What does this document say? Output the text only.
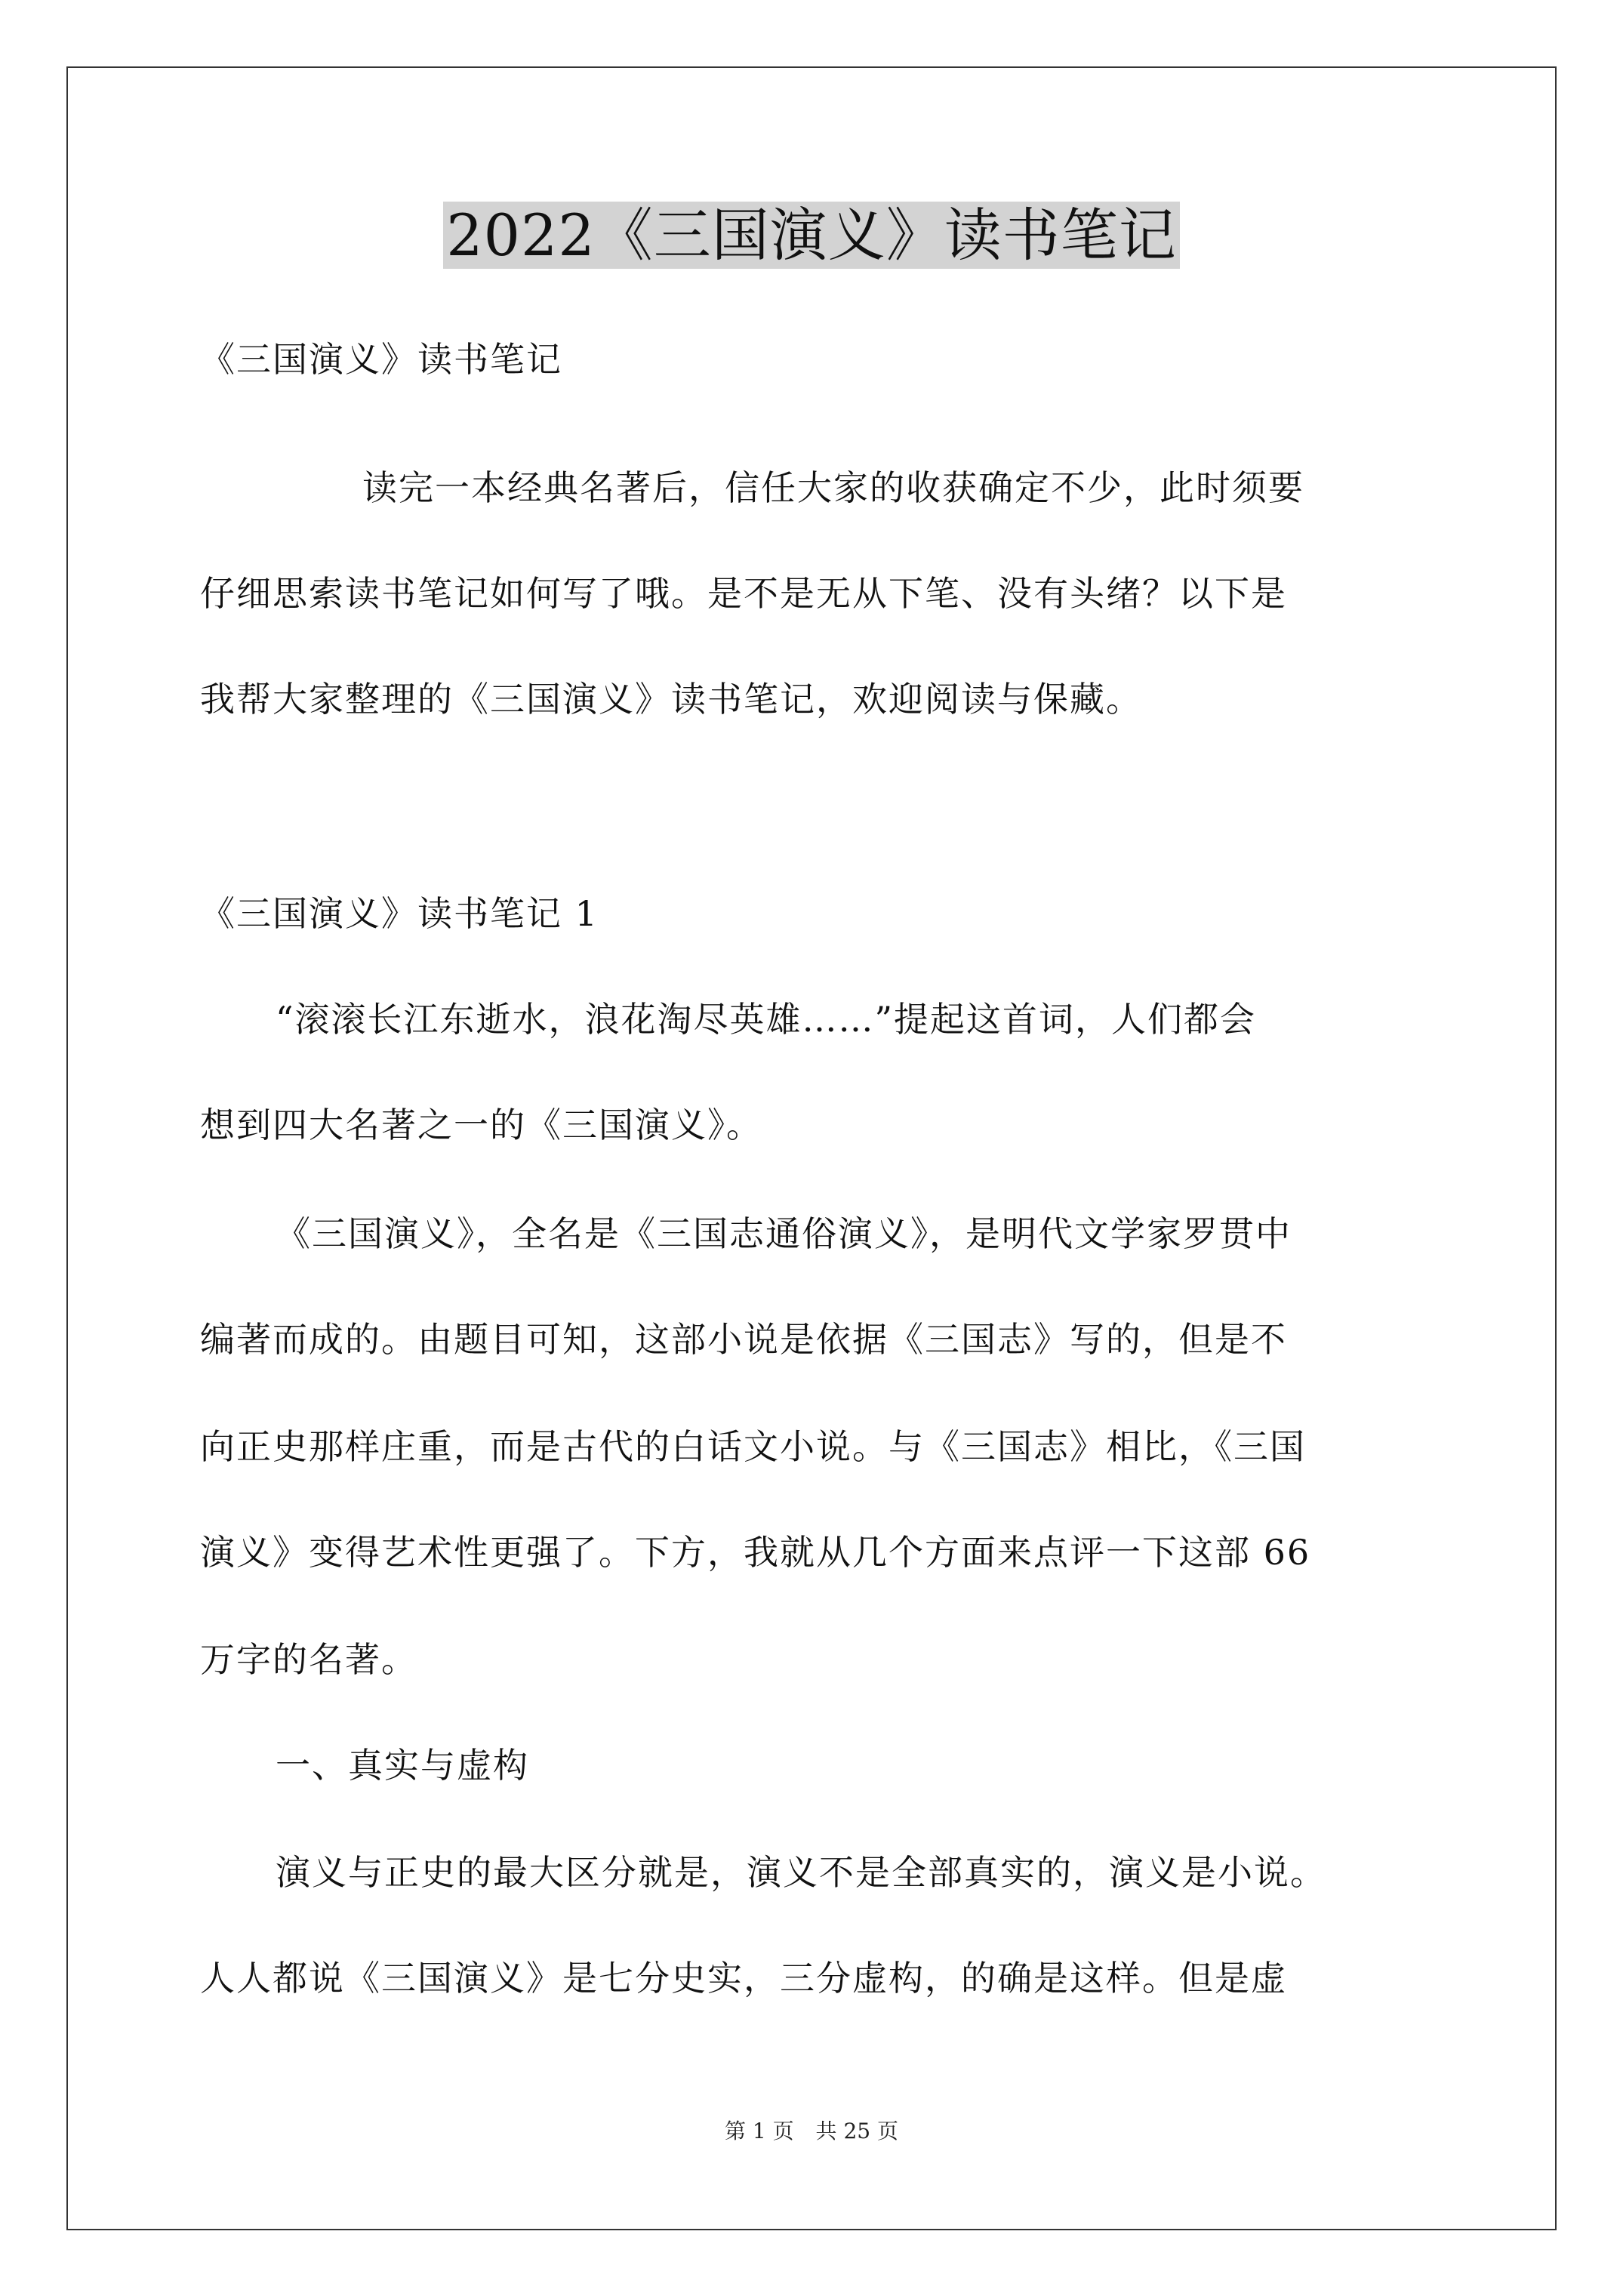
2022《三国演义》读书笔记
《三国演义》读书笔记
读完一本经典名著后，信任大家的收获确定不少，此时须要
仔细思索读书笔记如何写了哦。是不是无从下笔、没有头绪？以下是
我帮大家整理的《三国演义》读书笔记，欢迎阅读与保藏。
《三国演义》读书笔记 1
“滚滚长江东逝水，浪花淘尽英雄……”提起这首词，人们都会
想到四大名著之一的《三国演义》。
《三国演义》，全名是《三国志通俗演义》，是明代文学家罗贯中
编著而成的。由题目可知，这部小说是依据《三国志》写的，但是不
向正史那样庄重，而是古代的白话文小说。与《三国志》相比，《三国
演义》变得艺术性更强了。下方，我就从几个方面来点评一下这部 66
万字的名著。
一、真实与虚构
演义与正史的最大区分就是，演义不是全部真实的，演义是小说。
人人都说《三国演义》是七分史实，三分虚构，的确是这样。但是虚
第 1 页 共 25 页
